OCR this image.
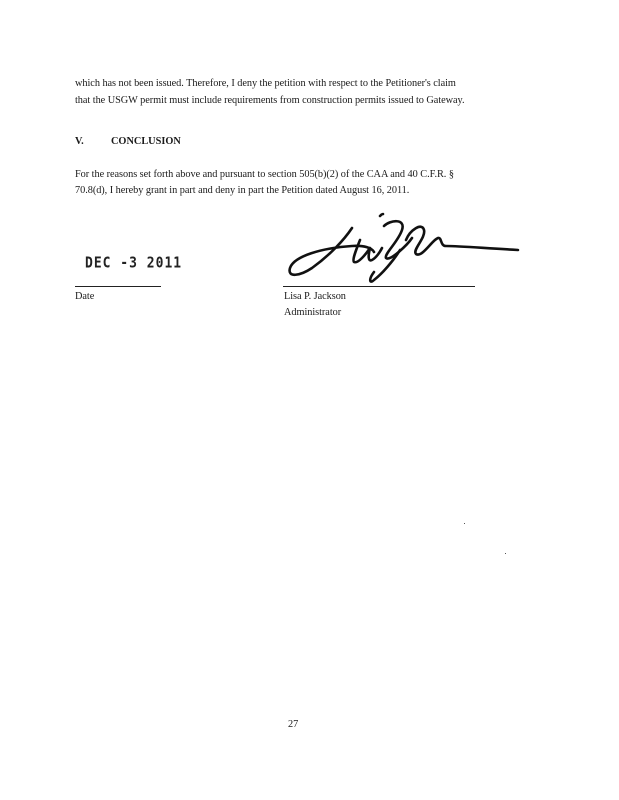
which has not been issued. Therefore, I deny the petition with respect to the Petitioner's claim
that the USGW permit must include requirements from construction permits issued to Gateway.
V.	CONCLUSION
For the reasons set forth above and pursuant to section 505(b)(2) of the CAA and 40 C.F.R. §
70.8(d), I hereby grant in part and deny in part the Petition dated August 16, 2011.
DEC -3 2011
Date	Lisa P. Jackson
Administrator
27
